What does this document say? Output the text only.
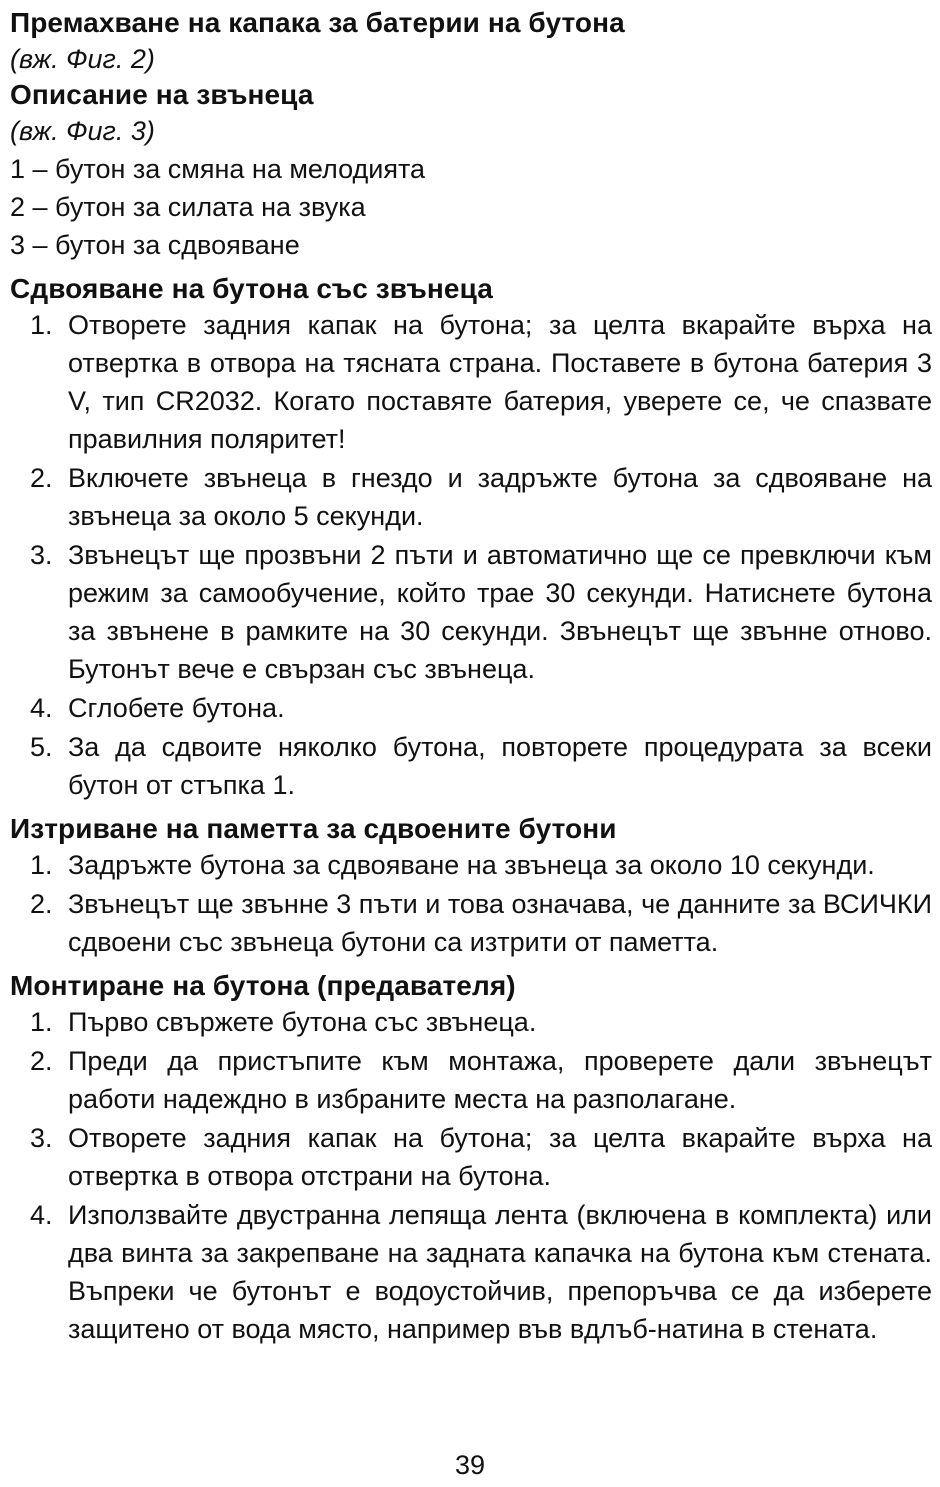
Премахване на капака за батерии на бутона

(вж. Фиг. 2)

Описание на звънеца

(вж. Фиг. 3)

1 – бутон за смяна на мелодията

2 – бутон за силата на звука

3 – бутон за сдвояване

Сдвояване на бутона със звънеца
1. Отворете задния капак на бутона; за целта вкарайте върха на отвертка в отвора на тясната страна. Поставете в бутона батерия 3 V, тип CR2032. Когато поставяте батерия, уверете се, че спазвате правилния поляритет!
2. Включете звънеца в гнездо и задръжте бутона за сдвояване на звънеца за около 5 секунди.
3. Звънецът ще прозвъни 2 пъти и автоматично ще се превключи към режим за самообучение, който трае 30 секунди. Натиснете бутона за звънене в рамките на 30 секунди. Звънецът ще звънне отново. Бутонът вече е свързан със звънеца.
4. Сглобете бутона.
5. За да сдвоите няколко бутона, повторете процедурата за всеки бутон от стъпка 1.
Изтриване на паметта за сдвоените бутони
1. Задръжте бутона за сдвояване на звънеца за около 10 секунди.
2. Звънецът ще звънне 3 пъти и това означава, че данните за ВСИЧКИ сдвоени със звънеца бутони са изтрити от паметта.
Монтиране на бутона (предавателя)
1. Първо свържете бутона със звънеца.
2. Преди да пристъпите към монтажа, проверете дали звънецът работи надеждно в избраните места на разполагане.
3. Отворете задния капак на бутона; за целта вкарайте върха на отвертка в отвора отстрани на бутона.
4. Използвайте двустранна лепяща лента (включена в комплекта) или два винта за закрепване на задната капачка на бутона към стената. Въпреки че бутонът е водоустойчив, препоръчва се да изберете защитено от вода място, например във вдлъб-натина в стената.
39
